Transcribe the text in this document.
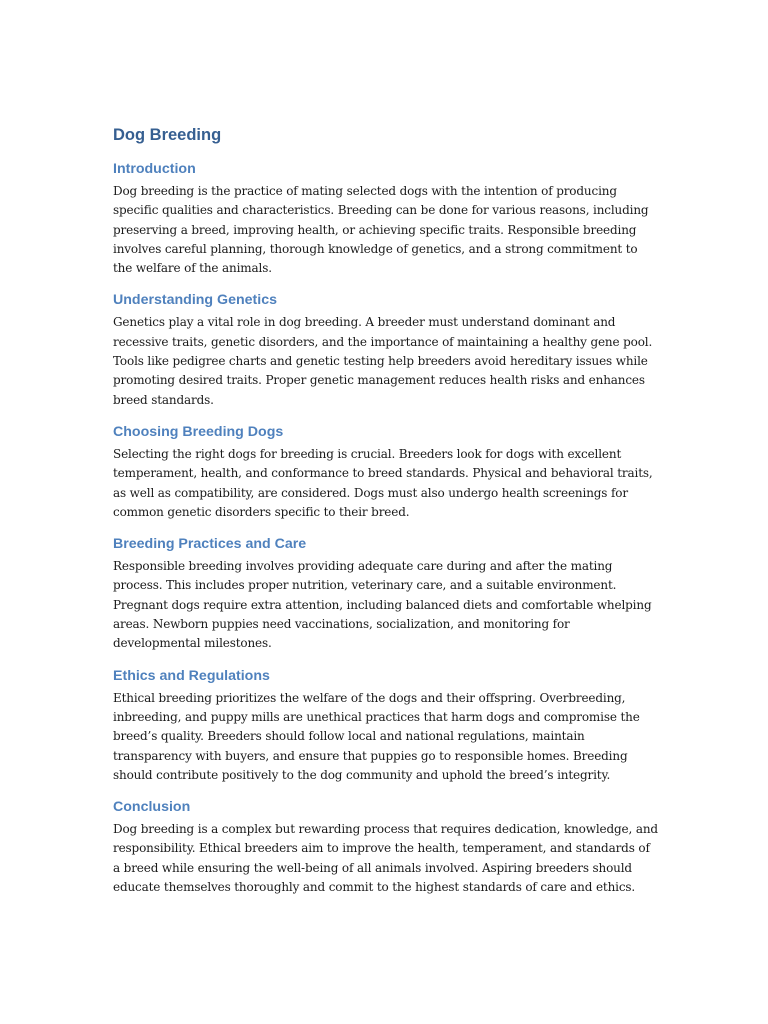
Dog Breeding
Introduction

Dog breeding is the practice of mating selected dogs with the intention of producing specific qualities and characteristics. Breeding can be done for various reasons, including preserving a breed, improving health, or achieving specific traits. Responsible breeding involves careful planning, thorough knowledge of genetics, and a strong commitment to the welfare of the animals.

Understanding Genetics

Genetics play a vital role in dog breeding. A breeder must understand dominant and recessive traits, genetic disorders, and the importance of maintaining a healthy gene pool. Tools like pedigree charts and genetic testing help breeders avoid hereditary issues while promoting desired traits. Proper genetic management reduces health risks and enhances breed standards.

Choosing Breeding Dogs

Selecting the right dogs for breeding is crucial. Breeders look for dogs with excellent temperament, health, and conformance to breed standards. Physical and behavioral traits, as well as compatibility, are considered. Dogs must also undergo health screenings for common genetic disorders specific to their breed.

Breeding Practices and Care

Responsible breeding involves providing adequate care during and after the mating process. This includes proper nutrition, veterinary care, and a suitable environment. Pregnant dogs require extra attention, including balanced diets and comfortable whelping areas. Newborn puppies need vaccinations, socialization, and monitoring for developmental milestones.

Ethics and Regulations

Ethical breeding prioritizes the welfare of the dogs and their offspring. Overbreeding, inbreeding, and puppy mills are unethical practices that harm dogs and compromise the breed’s quality. Breeders should follow local and national regulations, maintain transparency with buyers, and ensure that puppies go to responsible homes. Breeding should contribute positively to the dog community and uphold the breed’s integrity.

Conclusion

Dog breeding is a complex but rewarding process that requires dedication, knowledge, and responsibility. Ethical breeders aim to improve the health, temperament, and standards of a breed while ensuring the well-being of all animals involved. Aspiring breeders should educate themselves thoroughly and commit to the highest standards of care and ethics.
